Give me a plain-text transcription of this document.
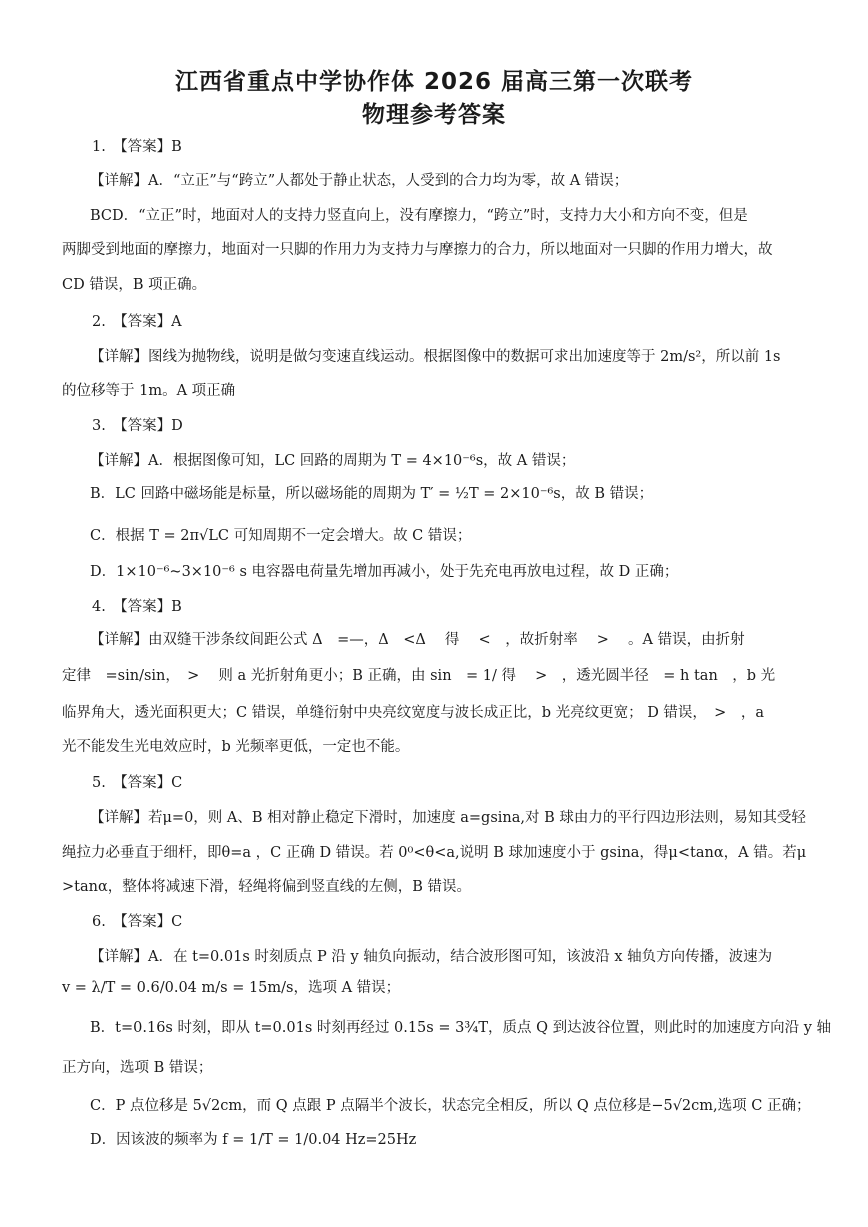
江西省重点中学协作体 2026 届高三第一次联考
物理参考答案
1.　【答案】B
【详解】A．“立正”与“跨立”人都处于静止状态，人受到的合力均为零，故 A 错误；
BCD．“立正”时，地面对人的支持力竖直向上，没有摩擦力，“跨立”时，支持力大小和方向不变，但是
两脚受到地面的摩擦力，地面对一只脚的作用力为支持力与摩擦力的合力，所以地面对一只脚的作用力增大，故
CD 错误，B 项正确。
2.　【答案】A
【详解】图线为抛物线，说明是做匀变速直线运动。根据图像中的数据可求出加速度等于 2m/s²，所以前 1s
的位移等于 1m。A 项正确
3.　【答案】D
【详解】A．根据图像可知，LC 回路的周期为 T = 4×10⁻⁶s，故 A 错误；
B．LC 回路中磁场能是标量，所以磁场能的周期为 T′ = ½T = 2×10⁻⁶s，故 B 错误；
C．根据 T = 2π√LC 可知周期不一定会增大。故 C 错误；
D．1×10⁻⁶~3×10⁻⁶ s 电容器电荷量先增加再减小，处于先充电再放电过程，故 D 正确；
4.　【答案】B
【详解】由双缝干涉条纹间距公式 Δ　=—，Δ　<Δ　 得　 <　，故折射率　 >　 。A 错误，由折射
定律　=sin/sin，　>　 则 a 光折射角更小；B 正确，由 sin　= 1/ 得　 >　，透光圆半径　= h tan　，b 光
临界角大，透光面积更大；C 错误，单缝衍射中央亮纹宽度与波长成正比，b 光亮纹更宽； D 错误，　>　，a
光不能发生光电效应时，b 光频率更低，一定也不能。
5.　【答案】C
【详解】若μ=0，则 A、B 相对静止稳定下滑时，加速度 a=gsina,对 B 球由力的平行四边形法则，易知其受轻
绳拉力必垂直于细杆，即θ=a ，C 正确 D 错误。若 0⁰<θ<a,说明 B 球加速度小于 gsina，得μ<tanα，A 错。若μ
>tanα，整体将减速下滑，轻绳将偏到竖直线的左侧，B 错误。
6.　【答案】C
【详解】A．在 t=0.01s 时刻质点 P 沿 y 轴负向振动，结合波形图可知，该波沿 x 轴负方向传播，波速为
v = λ/T = 0.6/0.04 m/s = 15m/s，选项 A 错误；
B．t=0.16s 时刻，即从 t=0.01s 时刻再经过 0.15s = 3¾T，质点 Q 到达波谷位置，则此时的加速度方向沿 y 轴
正方向，选项 B 错误；
C．P 点位移是 5√2cm，而 Q 点跟 P 点隔半个波长，状态完全相反，所以 Q 点位移是−5√2cm,选项 C 正确；
D．因该波的频率为 f = 1/T = 1/0.04 Hz=25Hz
